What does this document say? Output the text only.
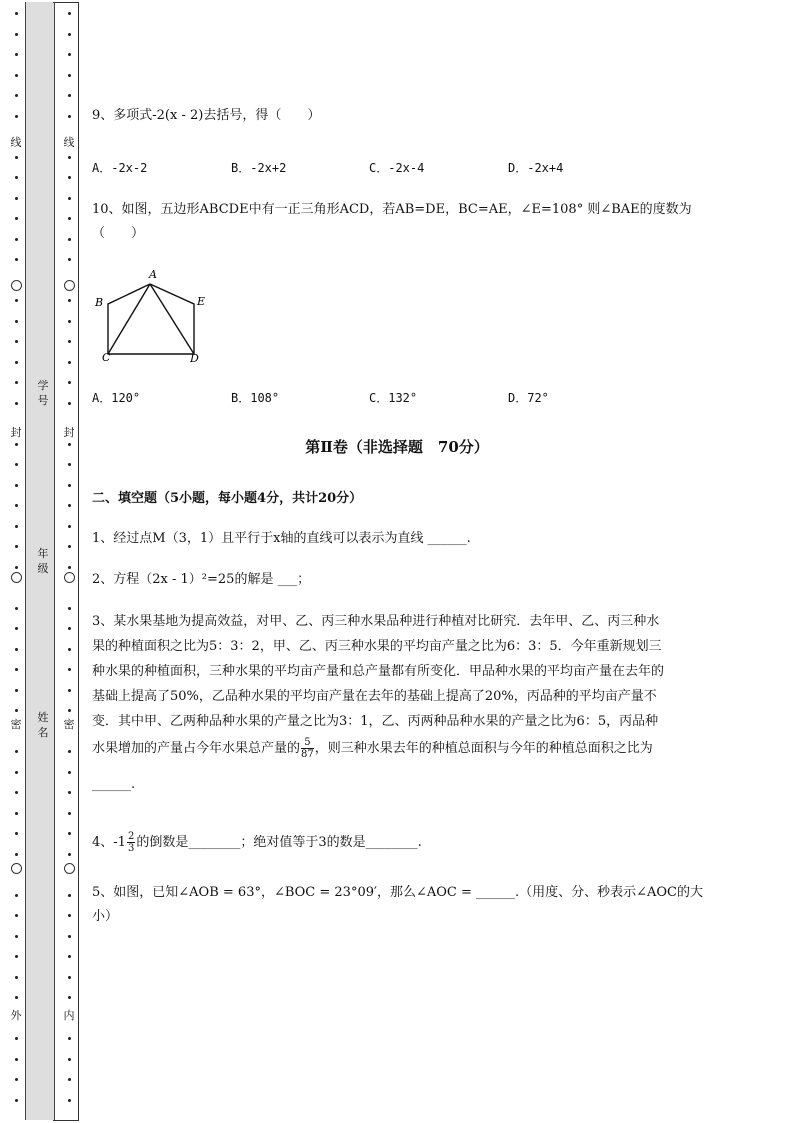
线
封
密
外
线
封
密
内
学
号
年
级
姓
名
9、多项式-2(x - 2)去括号，得（　　）
A．-2x-2	B．-2x+2	C．-2x-4	D．-2x+4
10、如图，五边形ABCDE中有一正三角形ACD，若AB=DE，BC=AE，∠E=108° 则∠BAE的度数为
（　　）
A
B
C	D
E
A．120°	B．108°	C．132°	D．72°
第Ⅱ卷（非选择题　70分）
二、填空题（5小题，每小题4分，共计20分）
1、经过点M（3，1）且平行于x轴的直线可以表示为直线 ______.
2、方程（2x - 1）²=25的解是 ___；
3、某水果基地为提高效益，对甲、乙、丙三种水果品种进行种植对比研究．去年甲、乙、丙三种水
果的种植面积之比为5：3：2，甲、乙、丙三种水果的平均亩产量之比为6：3：5．今年重新规划三
种水果的种植面积，三种水果的平均亩产量和总产量都有所变化．甲品种水果的平均亩产量在去年的
基础上提高了50%，乙品种水果的平均亩产量在去年的基础上提高了20%，丙品种的平均亩产量不
变．其中甲、乙两种品种水果的产量之比为3：1，乙、丙两种品种水果的产量之比为6：5，丙品种
水果增加的产量占今年水果总产量的 $\frac{5}{87}$ ，则三种水果去年的种植总面积与今年的种植总面积之比为
______.
4、$-1 \frac{2}{3}$ 的倒数是________；绝对值等于3的数是________.
5、如图，已知∠AOB = 63°，∠BOC = 23°09′，那么∠AOC = ______.（用度、分、秒表示∠AOC的大
小）
